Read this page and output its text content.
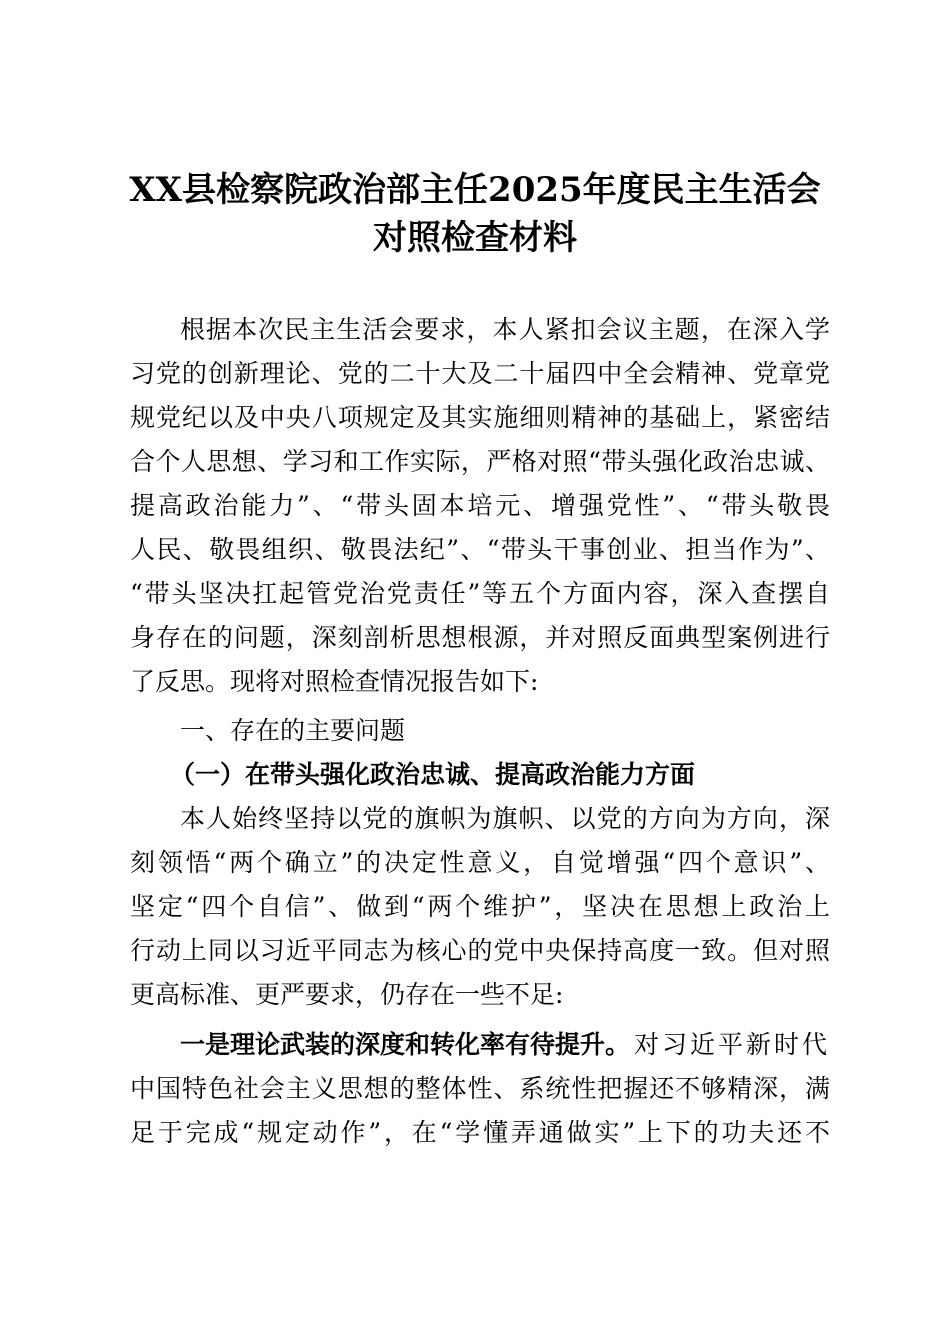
XX县检察院政治部主任2025年度民主生活会
对照检查材料
根据本次民主生活会要求，本人紧扣会议主题，在深入学
习党的创新理论、党的二十大及二十届四中全会精神、党章党
规党纪以及中央八项规定及其实施细则精神的基础上，紧密结
合个人思想、学习和工作实际，严格对照“带头强化政治忠诚、
提高政治能力”、“带头固本培元、增强党性”、“带头敬畏
人民、敬畏组织、敬畏法纪”、“带头干事创业、担当作为”、
“带头坚决扛起管党治党责任”等五个方面内容，深入查摆自
身存在的问题，深刻剖析思想根源，并对照反面典型案例进行
了反思。现将对照检查情况报告如下:
一、存在的主要问题
（一）在带头强化政治忠诚、提高政治能力方面
本人始终坚持以党的旗帜为旗帜、以党的方向为方向，深
刻领悟“两个确立”的决定性意义，自觉增强“四个意识”、
坚定“四个自信”、做到“两个维护”，坚决在思想上政治上
行动上同以习近平同志为核心的党中央保持高度一致。但对照
更高标准、更严要求，仍存在一些不足:
一是理论武装的深度和转化率有待提升。 对习近平新时代
中国特色社会主义思想的整体性、系统性把握还不够精深，满
足于完成“规定动作”，在“学懂弄通做实”上下的功夫还不
